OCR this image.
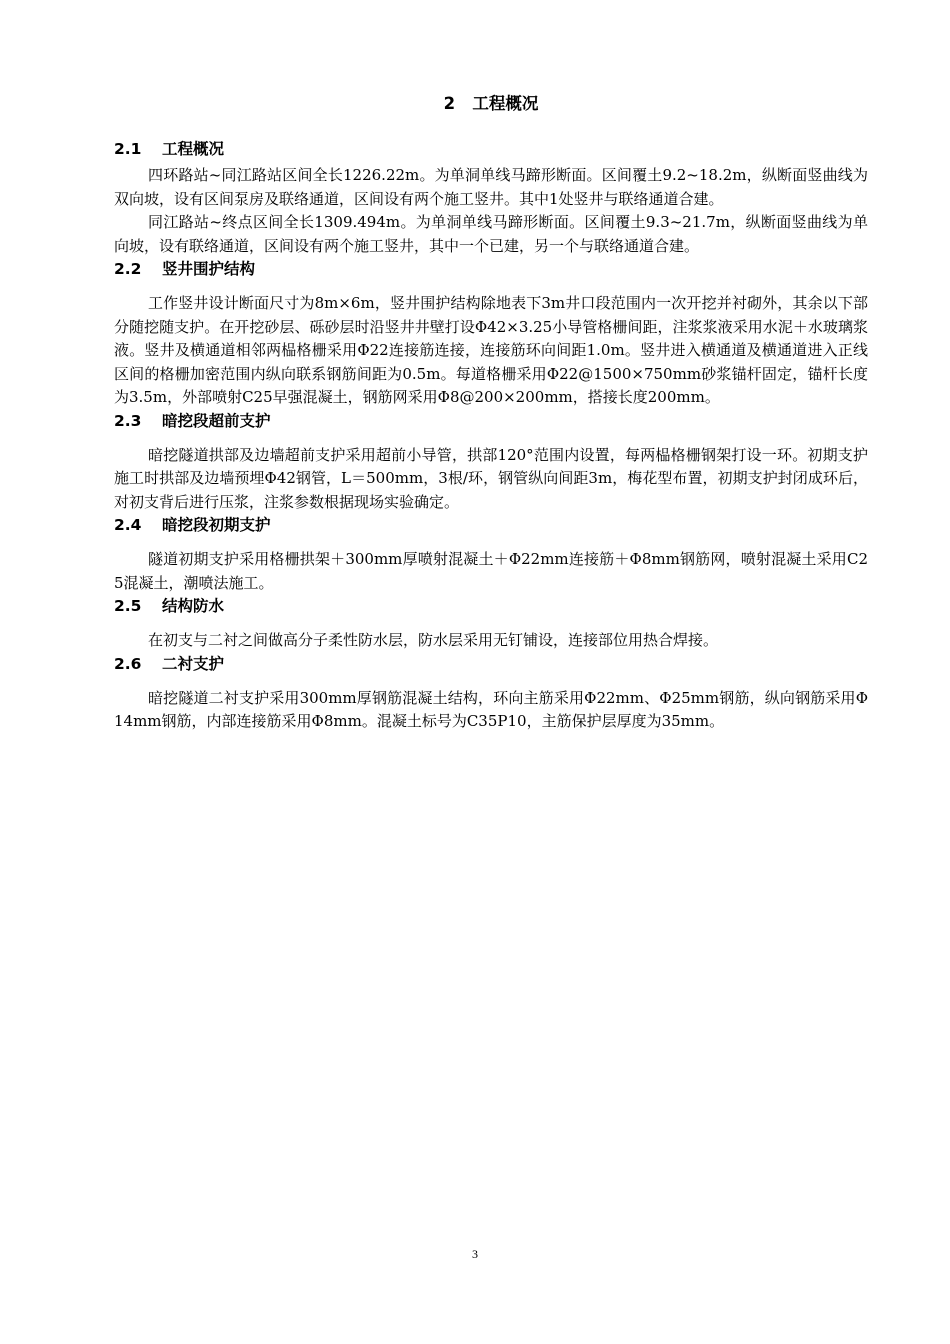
2 工程概况
2.1	工程概况

四环路站~同江路站区间全长1226.22m。为单洞单线马蹄形断面。区间覆土9.2~18.2m，纵断面竖曲线为双向坡，设有区间泵房及联络通道，区间设有两个施工竖井。其中1处竖井与联络通道合建。

同江路站~终点区间全长1309.494m。为单洞单线马蹄形断面。区间覆土9.3~21.7m，纵断面竖曲线为单向坡，设有联络通道，区间设有两个施工竖井，其中一个已建，另一个与联络通道合建。

2.2	竖井围护结构

工作竖井设计断面尺寸为8m×6m，竖井围护结构除地表下3m井口段范围内一次开挖并衬砌外，其余以下部分随挖随支护。在开挖砂层、砾砂层时沿竖井井壁打设Φ42×3.25小导管格栅间距，注浆浆液采用水泥＋水玻璃浆液。竖井及横通道相邻两榀格栅采用Φ22连接筋连接，连接筋环向间距1.0m。竖井进入横通道及横通道进入正线区间的格栅加密范围内纵向联系钢筋间距为0.5m。每道格栅采用Φ22@1500×750mm砂浆锚杆固定，锚杆长度为3.5m，外部喷射C25早强混凝土，钢筋网采用Φ8@200×200mm，搭接长度200mm。

2.3	暗挖段超前支护

暗挖隧道拱部及边墙超前支护采用超前小导管，拱部120°范围内设置，每两榀格栅钢架打设一环。初期支护施工时拱部及边墙预埋Φ42钢管，L＝500mm，3根/环，钢管纵向间距3m，梅花型布置，初期支护封闭成环后，对初支背后进行压浆，注浆参数根据现场实验确定。

2.4	暗挖段初期支护

隧道初期支护采用格栅拱架＋300mm厚喷射混凝土＋Φ22mm连接筋＋Φ8mm钢筋网，喷射混凝土采用C25混凝土，潮喷法施工。

2.5	结构防水

在初支与二衬之间做高分子柔性防水层，防水层采用无钉铺设，连接部位用热合焊接。

2.6	二衬支护

暗挖隧道二衬支护采用300mm厚钢筋混凝土结构，环向主筋采用Φ22mm、Φ25mm钢筋，纵向钢筋采用Φ14mm钢筋，内部连接筋采用Φ8mm。混凝土标号为C35P10，主筋保护层厚度为35mm。

3
